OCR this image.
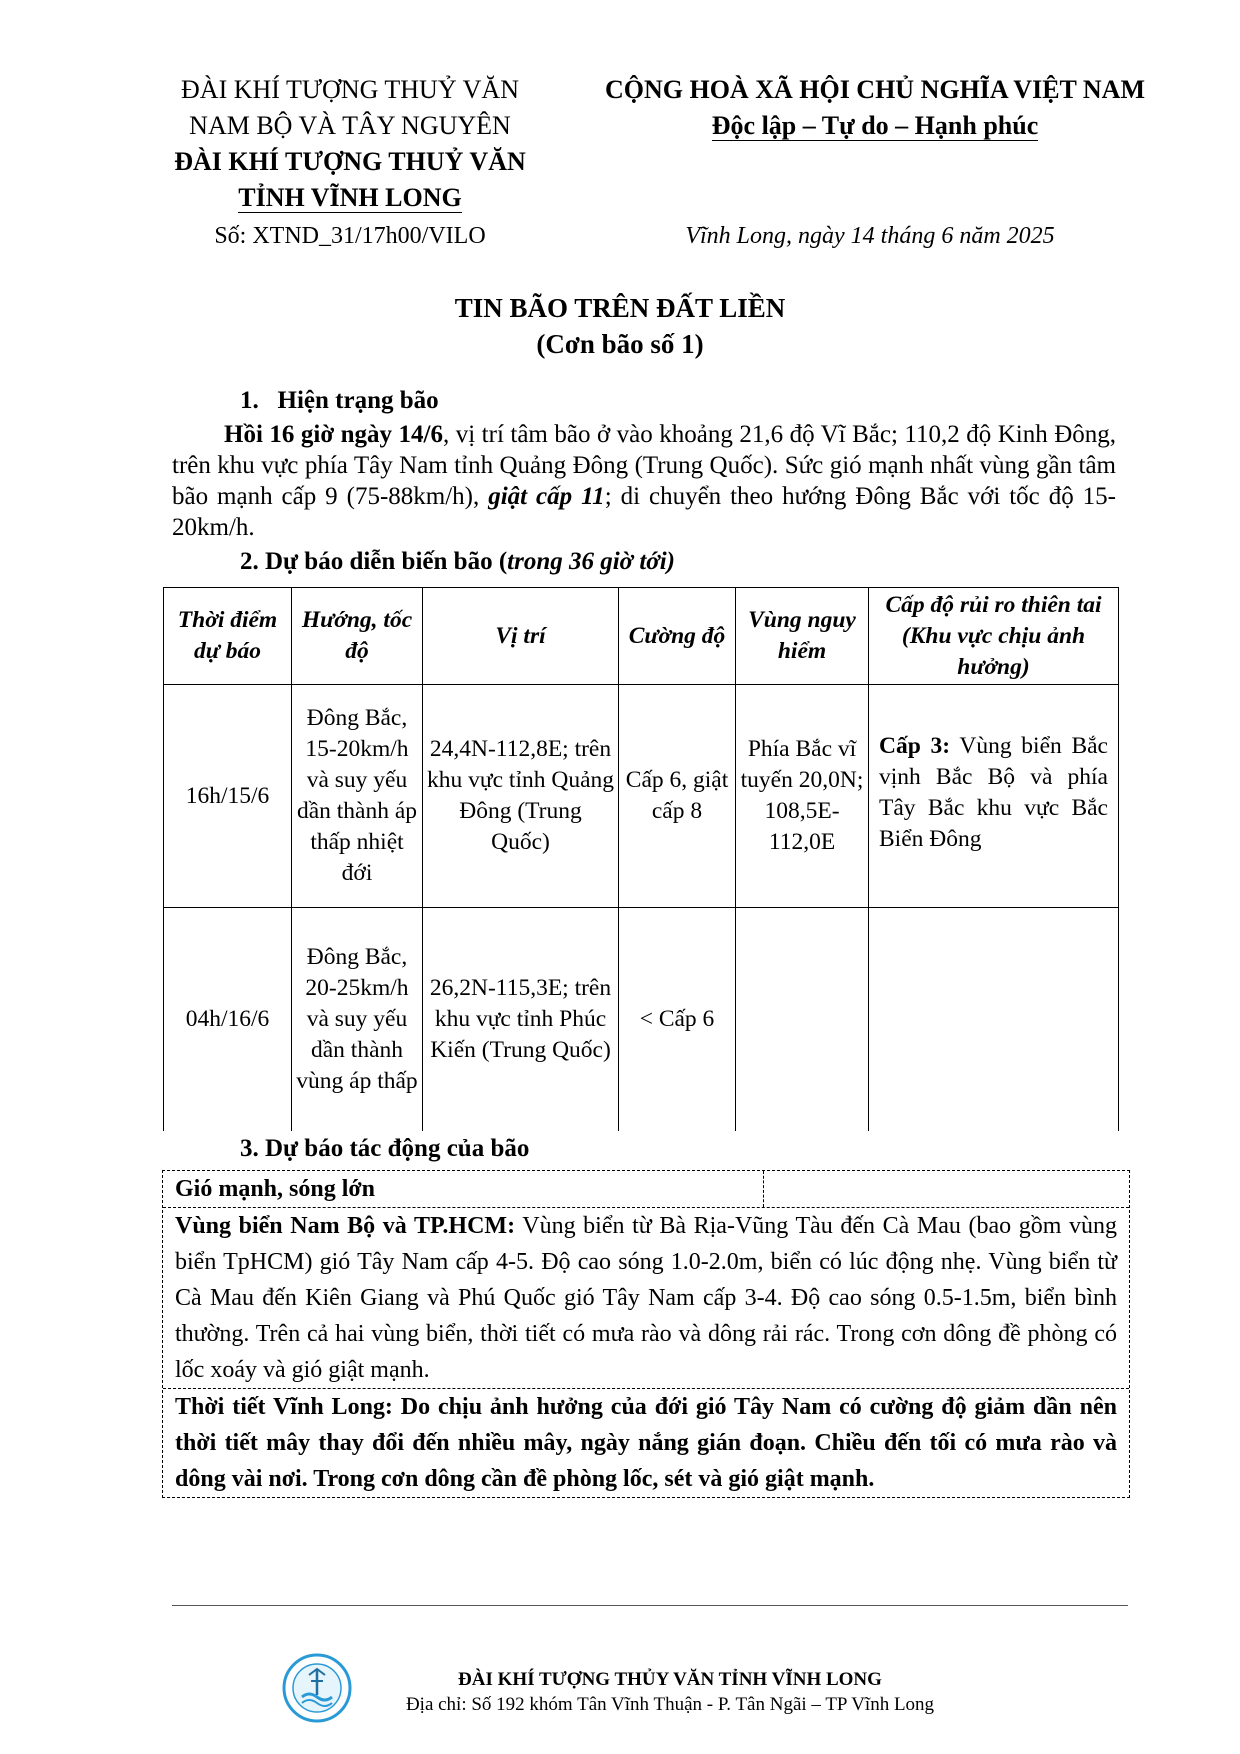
ĐÀI KHÍ TƯỢNG THUỶ VĂN
NAM BỘ VÀ TÂY NGUYÊN
ĐÀI KHÍ TƯỢNG THUỶ VĂN
TỈNH VĨNH LONG
Số: XTND_31/17h00/VILO
CỘNG HOÀ XÃ HỘI CHỦ NGHĨA VIỆT NAM
Độc lập – Tự do – Hạnh phúc
Vĩnh Long, ngày 14 tháng 6 năm 2025
TIN BÃO TRÊN ĐẤT LIỀN
(Cơn bão số 1)
1. Hiện trạng bão
Hồi 16 giờ ngày 14/6, vị trí tâm bão ở vào khoảng 21,6 độ Vĩ Bắc; 110,2 độ Kinh Đông, trên khu vực phía Tây Nam tỉnh Quảng Đông (Trung Quốc). Sức gió mạnh nhất vùng gần tâm bão mạnh cấp 9 (75-88km/h), giật cấp 11; di chuyển theo hướng Đông Bắc với tốc độ 15-20km/h.
2. Dự báo diễn biến bão (trong 36 giờ tới)
Thời điểm dự báo	Hướng, tốc độ	Vị trí	Cường độ	Vùng nguy hiểm	Cấp độ rủi ro thiên tai (Khu vực chịu ảnh hưởng)
16h/15/6	Đông Bắc, 15-20km/h và suy yếu dần thành áp thấp nhiệt đới	24,4N-112,8E; trên khu vực tỉnh Quảng Đông (Trung Quốc)	Cấp 6, giật cấp 8	Phía Bắc vĩ tuyến 20,0N; 108,5E-112,0E	Cấp 3: Vùng biển Bắc vịnh Bắc Bộ và phía Tây Bắc khu vực Bắc Biển Đông
04h/16/6	Đông Bắc, 20-25km/h và suy yếu dần thành vùng áp thấp	26,2N-115,3E; trên khu vực tỉnh Phúc Kiến (Trung Quốc)	< Cấp 6		
3. Dự báo tác động của bão
Gió mạnh, sóng lớn
Vùng biển Nam Bộ và TP.HCM: Vùng biển từ Bà Rịa-Vũng Tàu đến Cà Mau (bao gồm vùng biển TpHCM) gió Tây Nam cấp 4-5. Độ cao sóng 1.0-2.0m, biển có lúc động nhẹ. Vùng biển từ Cà Mau đến Kiên Giang và Phú Quốc gió Tây Nam cấp 3-4. Độ cao sóng 0.5-1.5m, biển bình thường. Trên cả hai vùng biển, thời tiết có mưa rào và dông rải rác. Trong cơn dông đề phòng có lốc xoáy và gió giật mạnh.
Thời tiết Vĩnh Long: Do chịu ảnh hưởng của đới gió Tây Nam có cường độ giảm dần nên thời tiết mây thay đổi đến nhiều mây, ngày nắng gián đoạn. Chiều đến tối có mưa rào và dông vài nơi. Trong cơn dông cần đề phòng lốc, sét và gió giật mạnh.
ĐÀI KHÍ TƯỢNG THỦY VĂN TỈNH VĨNH LONG
Địa chỉ: Số 192 khóm Tân Vĩnh Thuận - P. Tân Ngãi – TP Vĩnh Long
